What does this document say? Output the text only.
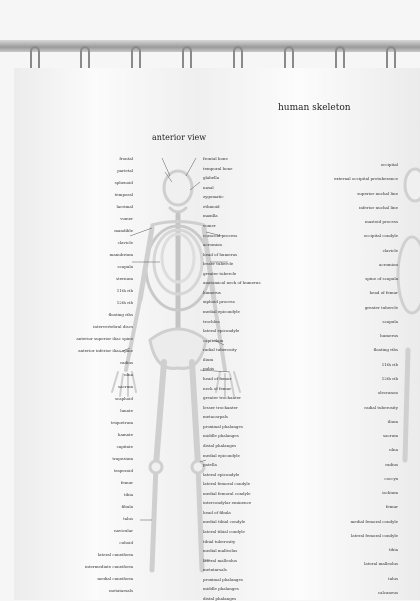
human skeleton
anterior view
frontal
parietal
sphenoid
temporal
lacrimal
vomer
mandible
clavicle
manubrium
scapula
sternum
11th rib
12th rib
floating ribs
intervertebral discs
anterior superior iliac spine
anterior inferior iliac spine
radius
ulna
sacrum
scaphoid
lunate
triquetrum
hamate
capitate
trapezium
trapezoid
femur
tibia
fibula
talus
navicular
cuboid
lateral cuneiform
intermediate cuneiform
medial cuneiform
metatarsals
frontal bone
temporal bone
glabella
nasal
zygomatic
ethmoid
maxilla
vomer
coracoid process
acromion
head of humerus
lesser tubercle
greater tubercle
anatomical neck of humerus
humerus
xiphoid process
medial epicondyle
trochlea
lateral epicondyle
capitulum
radial tuberosity
ilium
pubis
head of femur
neck of femur
greater trochanter
lesser trochanter
metacarpals
proximal phalanges
middle phalanges
distal phalanges
medial epicondyle
patella
lateral epicondyle
lateral femoral condyle
medial femoral condyle
intercondylar eminence
head of fibula
medial tibial condyle
lateral tibial condyle
tibial tuberosity
medial malleolus
lateral malleolus
metatarsals
proximal phalanges
middle phalanges
distal phalanges
occipital
external occipital protuberance
superior nuchal line
inferior nuchal line
mastoid process
occipital condyle
clavicle
acromion
spine of scapula
head of femur
greater tubercle
scapula
humerus
floating ribs
11th rib
12th rib
olecranon
radial tuberosity
ilium
sacrum
ulna
radius
coccyx
ischium
femur
medial femoral condyle
lateral femoral condyle
tibia
lateral malleolus
talus
calcaneus
